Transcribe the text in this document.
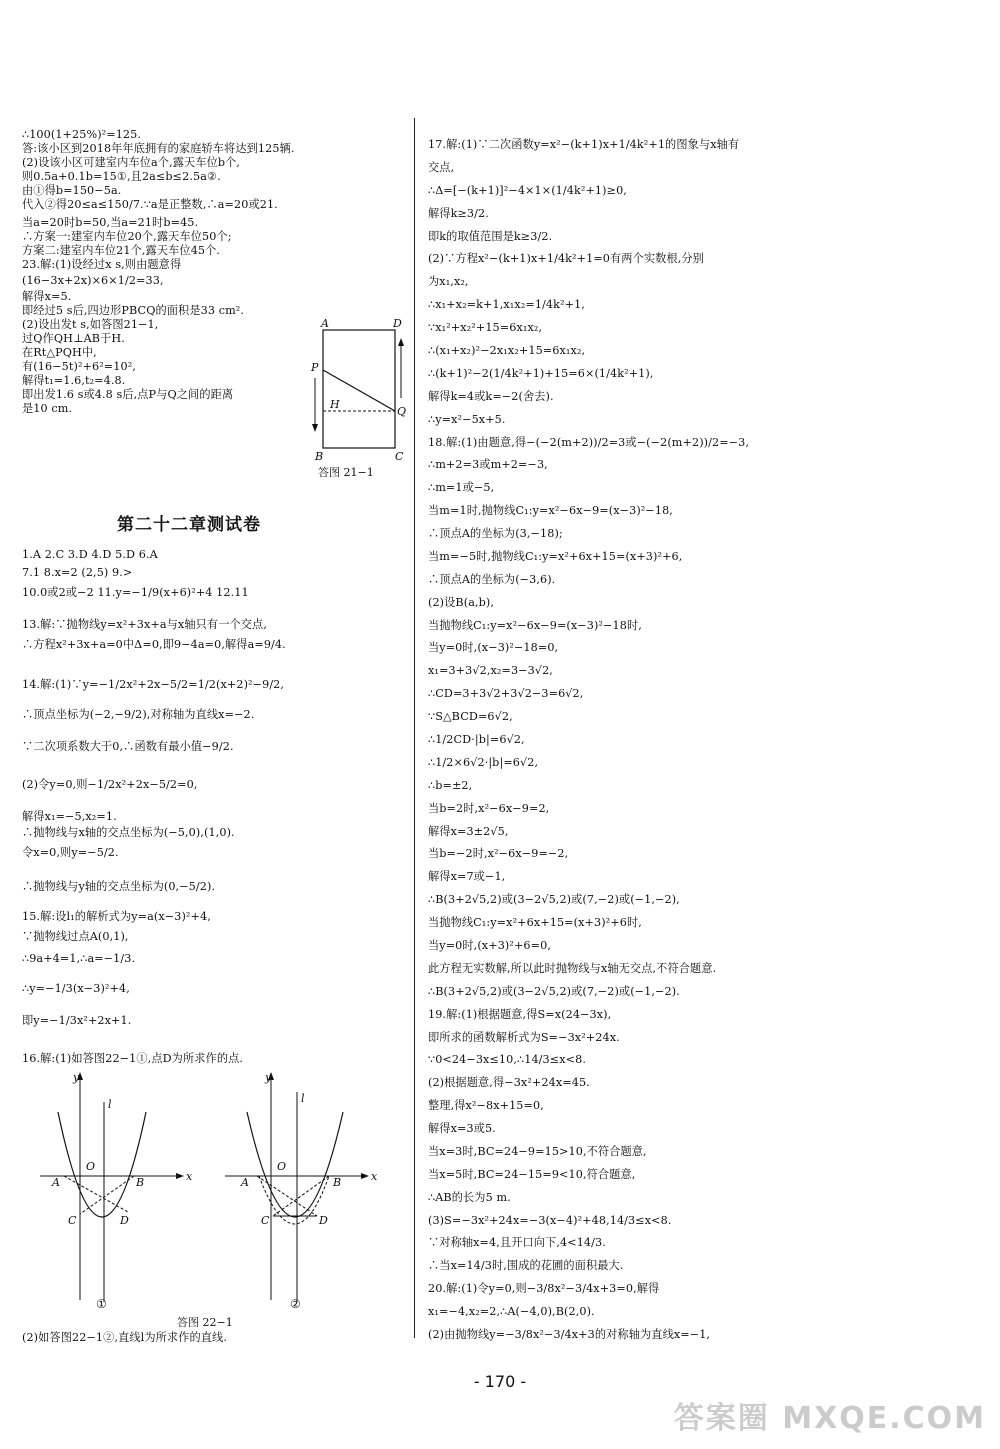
∴100(1+25%)²=125.
答:该小区到2018年年底拥有的家庭轿车将达到125辆.
(2)设该小区可建室内车位a个,露天车位b个,
则0.5a+0.1b=15①,且2a≤b≤2.5a②.
由①得b=150−5a.
代入②得20≤a≤150/7.∵a是正整数,∴a=20或21.
当a=20时b=50,当a=21时b=45.
∴方案一:建室内车位20个,露天车位50个;
方案二:建室内车位21个,露天车位45个.
23.解:(1)设经过x s,则由题意得
(16−3x+2x)×6×1/2=33,
解得x=5.
即经过5 s后,四边形PBCQ的面积是33 cm².
(2)设出发t s,如答图21−1,
过Q作QH⊥AB于H.
在Rt△PQH中,
有(16−5t)²+6²=10²,
解得t₁=1.6,t₂=4.8.
即出发1.6 s或4.8 s后,点P与Q之间的距离
是10 cm.
第二十二章测试卷
1.A 2.C 3.D 4.D 5.D 6.A
7.1 8.x=2 (2,5) 9.>
10.0或2或−2 11.y=−1/9(x+6)²+4 12.11
13.解:∵抛物线y=x²+3x+a与x轴只有一个交点,
∴方程x²+3x+a=0中Δ=0,即9−4a=0,解得a=9/4.
14.解:(1)∵y=−1/2x²+2x−5/2=1/2(x+2)²−9/2,
∴顶点坐标为(−2,−9/2),对称轴为直线x=−2.
∵二次项系数大于0,∴函数有最小值−9/2.
(2)令y=0,则−1/2x²+2x−5/2=0,
解得x₁=−5,x₂=1.
∴抛物线与x轴的交点坐标为(−5,0),(1,0).
令x=0,则y=−5/2.
∴抛物线与y轴的交点坐标为(0,−5/2).
15.解:设l₁的解析式为y=a(x−3)²+4,
∵抛物线过点A(0,1),
∴9a+4=1,∴a=−1/3.
∴y=−1/3(x−3)²+4,
即y=−1/3x²+2x+1.
16.解:(1)如答图22−1①,点D为所求作的点.
17.解:(1)∵二次函数y=x²−(k+1)x+1/4k²+1的图象与x轴有
交点,
∴Δ=[−(k+1)]²−4×1×(1/4k²+1)≥0,
解得k≥3/2.
即k的取值范围是k≥3/2.
(2)∵方程x²−(k+1)x+1/4k²+1=0有两个实数根,分别
为x₁,x₂,
∴x₁+x₂=k+1,x₁x₂=1/4k²+1,
∵x₁²+x₂²+15=6x₁x₂,
∴(x₁+x₂)²−2x₁x₂+15=6x₁x₂,
∴(k+1)²−2(1/4k²+1)+15=6×(1/4k²+1),
解得k=4或k=−2(舍去).
∴y=x²−5x+5.
18.解:(1)由题意,得−(−2(m+2))/2=3或−(−2(m+2))/2=−3,
∴m+2=3或m+2=−3,
∴m=1或−5,
当m=1时,抛物线C₁:y=x²−6x−9=(x−3)²−18,
∴顶点A的坐标为(3,−18);
当m=−5时,抛物线C₁:y=x²+6x+15=(x+3)²+6,
∴顶点A的坐标为(−3,6).
(2)设B(a,b),
当抛物线C₁:y=x²−6x−9=(x−3)²−18时,
当y=0时,(x−3)²−18=0,
x₁=3+3√2,x₂=3−3√2,
∴CD=3+3√2+3√2−3=6√2,
∵S△BCD=6√2,
∴1/2CD·|b|=6√2,
∴1/2×6√2·|b|=6√2,
∴b=±2,
当b=2时,x²−6x−9=2,
解得x=3±2√5,
当b=−2时,x²−6x−9=−2,
解得x=7或−1,
∴B(3+2√5,2)或(3−2√5,2)或(7,−2)或(−1,−2),
当抛物线C₁:y=x²+6x+15=(x+3)²+6时,
当y=0时,(x+3)²+6=0,
此方程无实数解,所以此时抛物线与x轴无交点,不符合题意.
∴B(3+2√5,2)或(3−2√5,2)或(7,−2)或(−1,−2).
19.解:(1)根据题意,得S=x(24−3x),
即所求的函数解析式为S=−3x²+24x.
∵0<24−3x≤10,∴14/3≤x<8.
(2)根据题意,得−3x²+24x=45.
整理,得x²−8x+15=0,
解得x=3或5.
当x=3时,BC=24−9=15>10,不符合题意,
当x=5时,BC=24−15=9<10,符合题意,
∴AB的长为5 m.
(3)S=−3x²+24x=−3(x−4)²+48,14/3≤x<8.
∵对称轴x=4,且开口向下,4<14/3.
∴当x=14/3时,围成的花圃的面积最大.
20.解:(1)令y=0,则−3/8x²−3/4x+3=0,解得
x₁=−4,x₂=2,∴A(−4,0),B(2,0).
(2)由抛物线y=−3/8x²−3/4x+3的对称轴为直线x=−1,
A	D
P
H
Q
B	C
答图 21−1
y
l
x
O
A	B
C	D
①
y
l
x
O
A	B
C	D
②
答图 22−1
(2)如答图22−1②,直线l为所求作的直线.
- 170 -
答案圈 MXQE.COM
